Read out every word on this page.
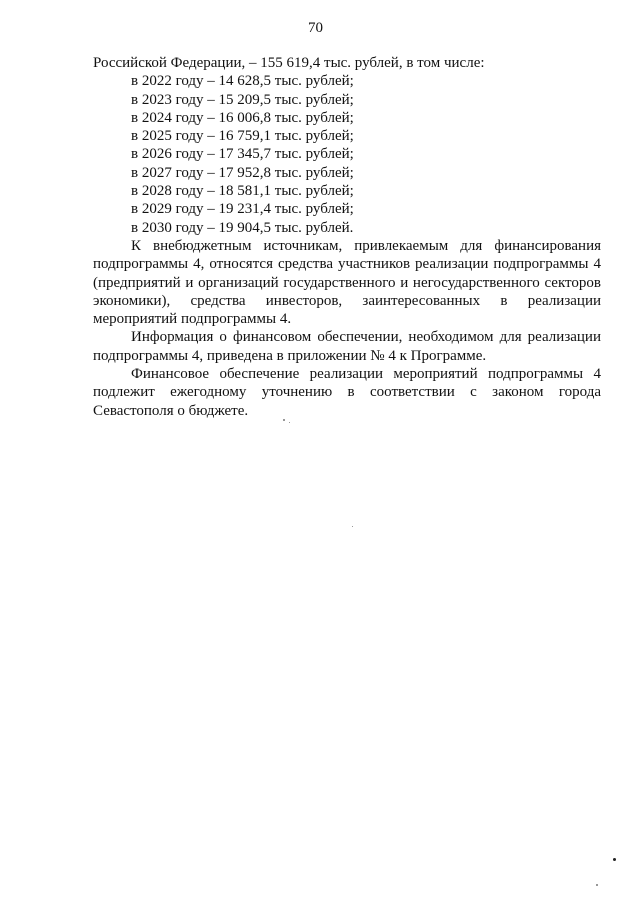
70

Российской Федерации, – 155 619,4 тыс. рублей, в том числе:

в 2022 году – 14 628,5 тыс. рублей;
в 2023 году – 15 209,5 тыс. рублей;
в 2024 году – 16 006,8 тыс. рублей;
в 2025 году – 16 759,1 тыс. рублей;
в 2026 году – 17 345,7 тыс. рублей;
в 2027 году – 17 952,8 тыс. рублей;
в 2028 году – 18 581,1 тыс. рублей;
в 2029 году – 19 231,4 тыс. рублей;
в 2030 году – 19 904,5 тыс. рублей.

К внебюджетным источникам, привлекаемым для финансирования подпрограммы 4, относятся средства участников реализации подпрограммы 4 (предприятий и организаций государственного и негосударственного секторов экономики), средства инвесторов, заинтересованных в реализации мероприятий подпрограммы 4.

Информация о финансовом обеспечении, необходимом для реализации подпрограммы 4, приведена в приложении № 4 к Программе.

Финансовое обеспечение реализации мероприятий подпрограммы 4 подлежит ежегодному уточнению в соответствии с законом города Севастополя о бюджете.
